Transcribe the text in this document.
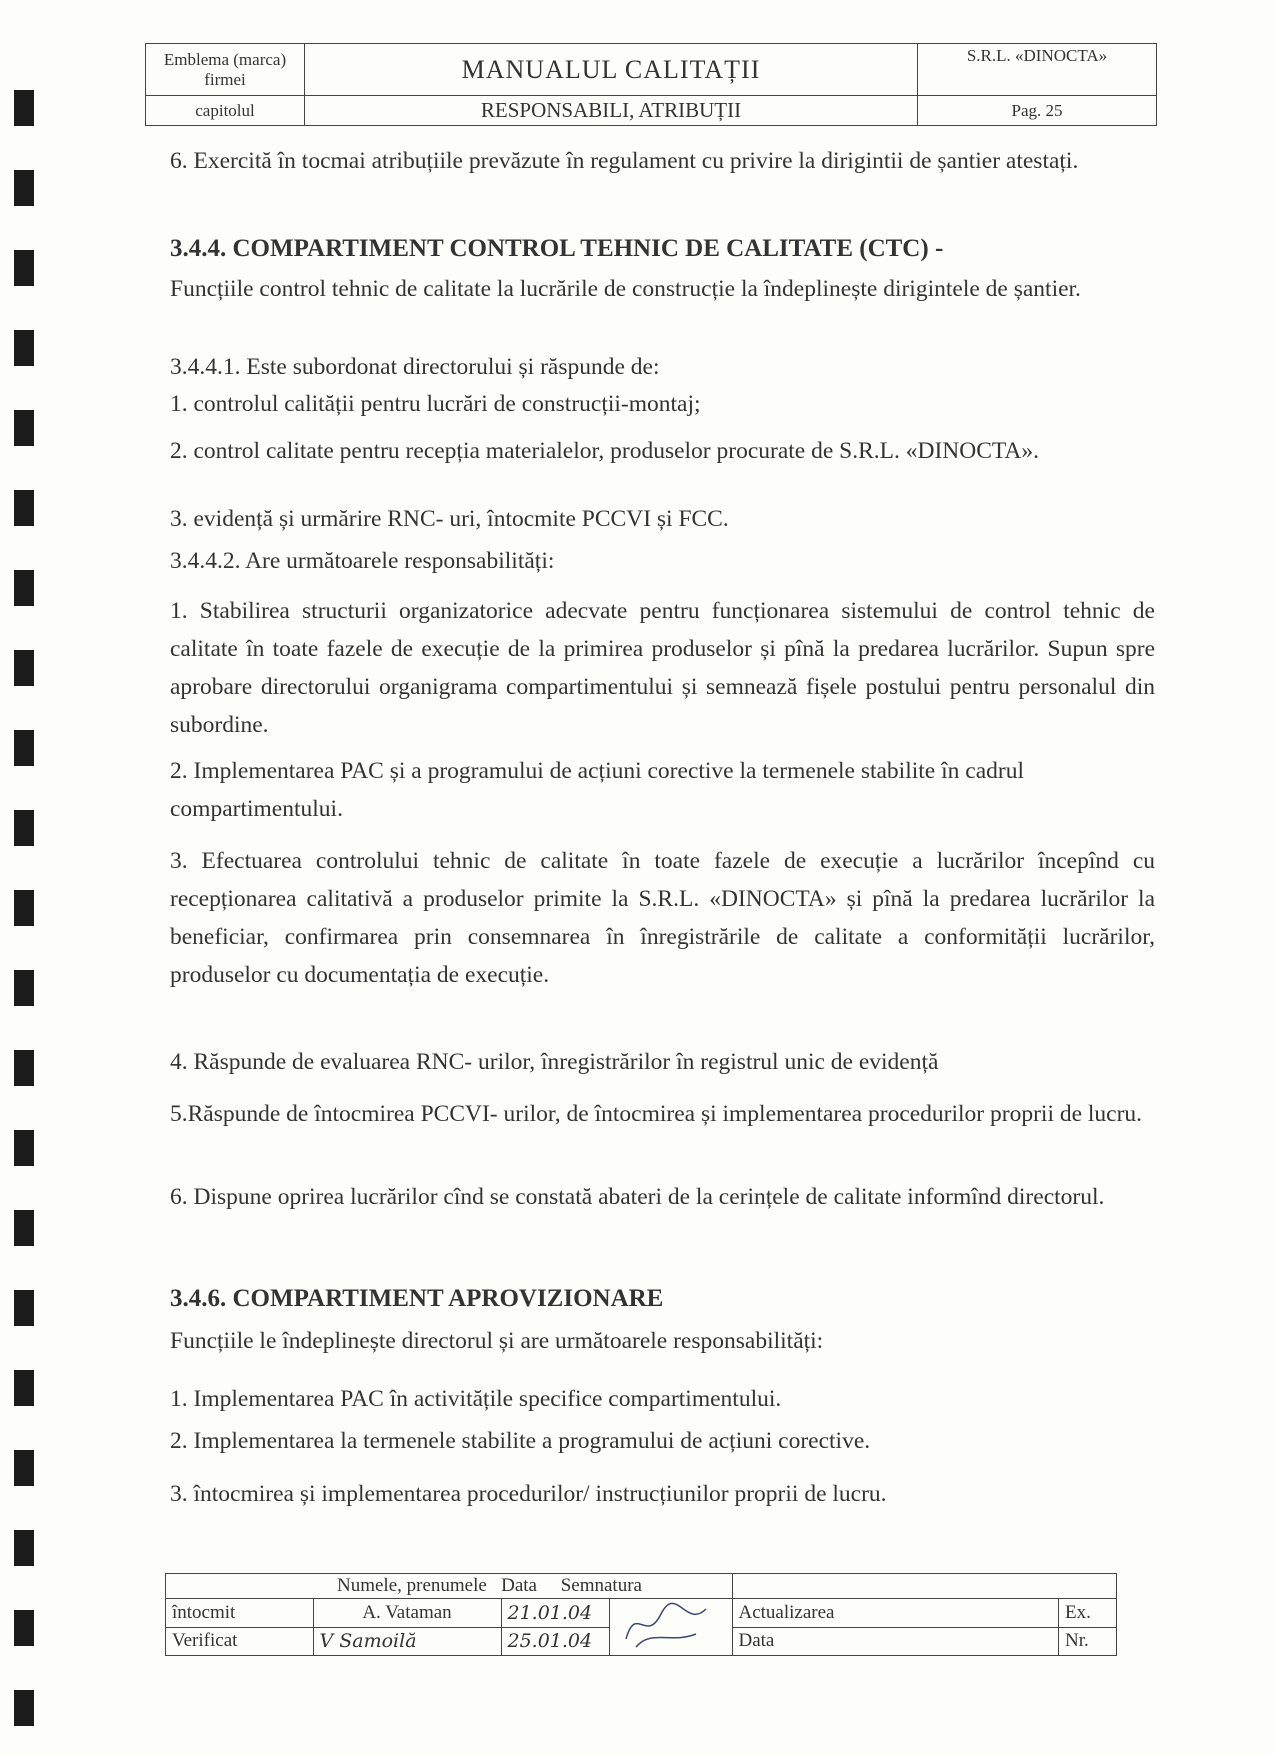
Emblema (marca) firmei	MANUALUL CALITAȚII	S.R.L. «DINOCTA»
capitolul	RESPONSABILI, ATRIBUȚII	Pag. 25
6. Exercită în tocmai atribuțiile prevăzute în regulament cu privire la dirigintii de șantier atestați.
3.4.4. COMPARTIMENT CONTROL TEHNIC DE CALITATE (CTC) -
Funcțiile control tehnic de calitate la lucrările de construcție la îndeplinește dirigintele de șantier.
3.4.4.1. Este subordonat directorului și răspunde de:
1. controlul calității pentru lucrări de construcții-montaj;
2. control calitate pentru recepția materialelor, produselor procurate de S.R.L. «DINOCTA».
3. evidență și urmărire RNC- uri, întocmite PCCVI și FCC.
3.4.4.2. Are următoarele responsabilități:
1. Stabilirea structurii organizatorice adecvate pentru funcționarea sistemului de control tehnic de calitate în toate fazele de execuție de la primirea produselor și pînă la predarea lucrărilor. Supun spre aprobare directorului organigrama compartimentului și semnează fișele postului pentru personalul din subordine.
2. Implementarea PAC și a programului de acțiuni corective la termenele stabilite în cadrul compartimentului.
3. Efectuarea controlului tehnic de calitate în toate fazele de execuție a lucrărilor începînd cu recepționarea calitativă a produselor primite la S.R.L. «DINOCTA» și pînă la predarea lucrărilor la beneficiar, confirmarea prin consemnarea în înregistrările de calitate a conformității lucrărilor, produselor cu documentația de execuție.
4. Răspunde de evaluarea RNC- urilor, înregistrărilor în registrul unic de evidență
5.Răspunde de întocmirea PCCVI- urilor, de întocmirea și implementarea procedurilor proprii de lucru.
6. Dispune oprirea lucrărilor cînd se constată abateri de la cerințele de calitate informînd directorul.
3.4.6. COMPARTIMENT APROVIZIONARE
Funcțiile le îndeplinește directorul și are următoarele responsabilități:
1. Implementarea PAC în activitățile specifice compartimentului.
2. Implementarea la termenele stabilite a programului de acțiuni corective.
3. întocmirea și implementarea procedurilor/ instrucțiunilor proprii de lucru.
	Numele, prenumele Data Semnatura				
întocmit	A. Vataman	21.01.04		Actualizarea	Ex.
Verificat	V Samoilă	25.01.04		Data	Nr.
